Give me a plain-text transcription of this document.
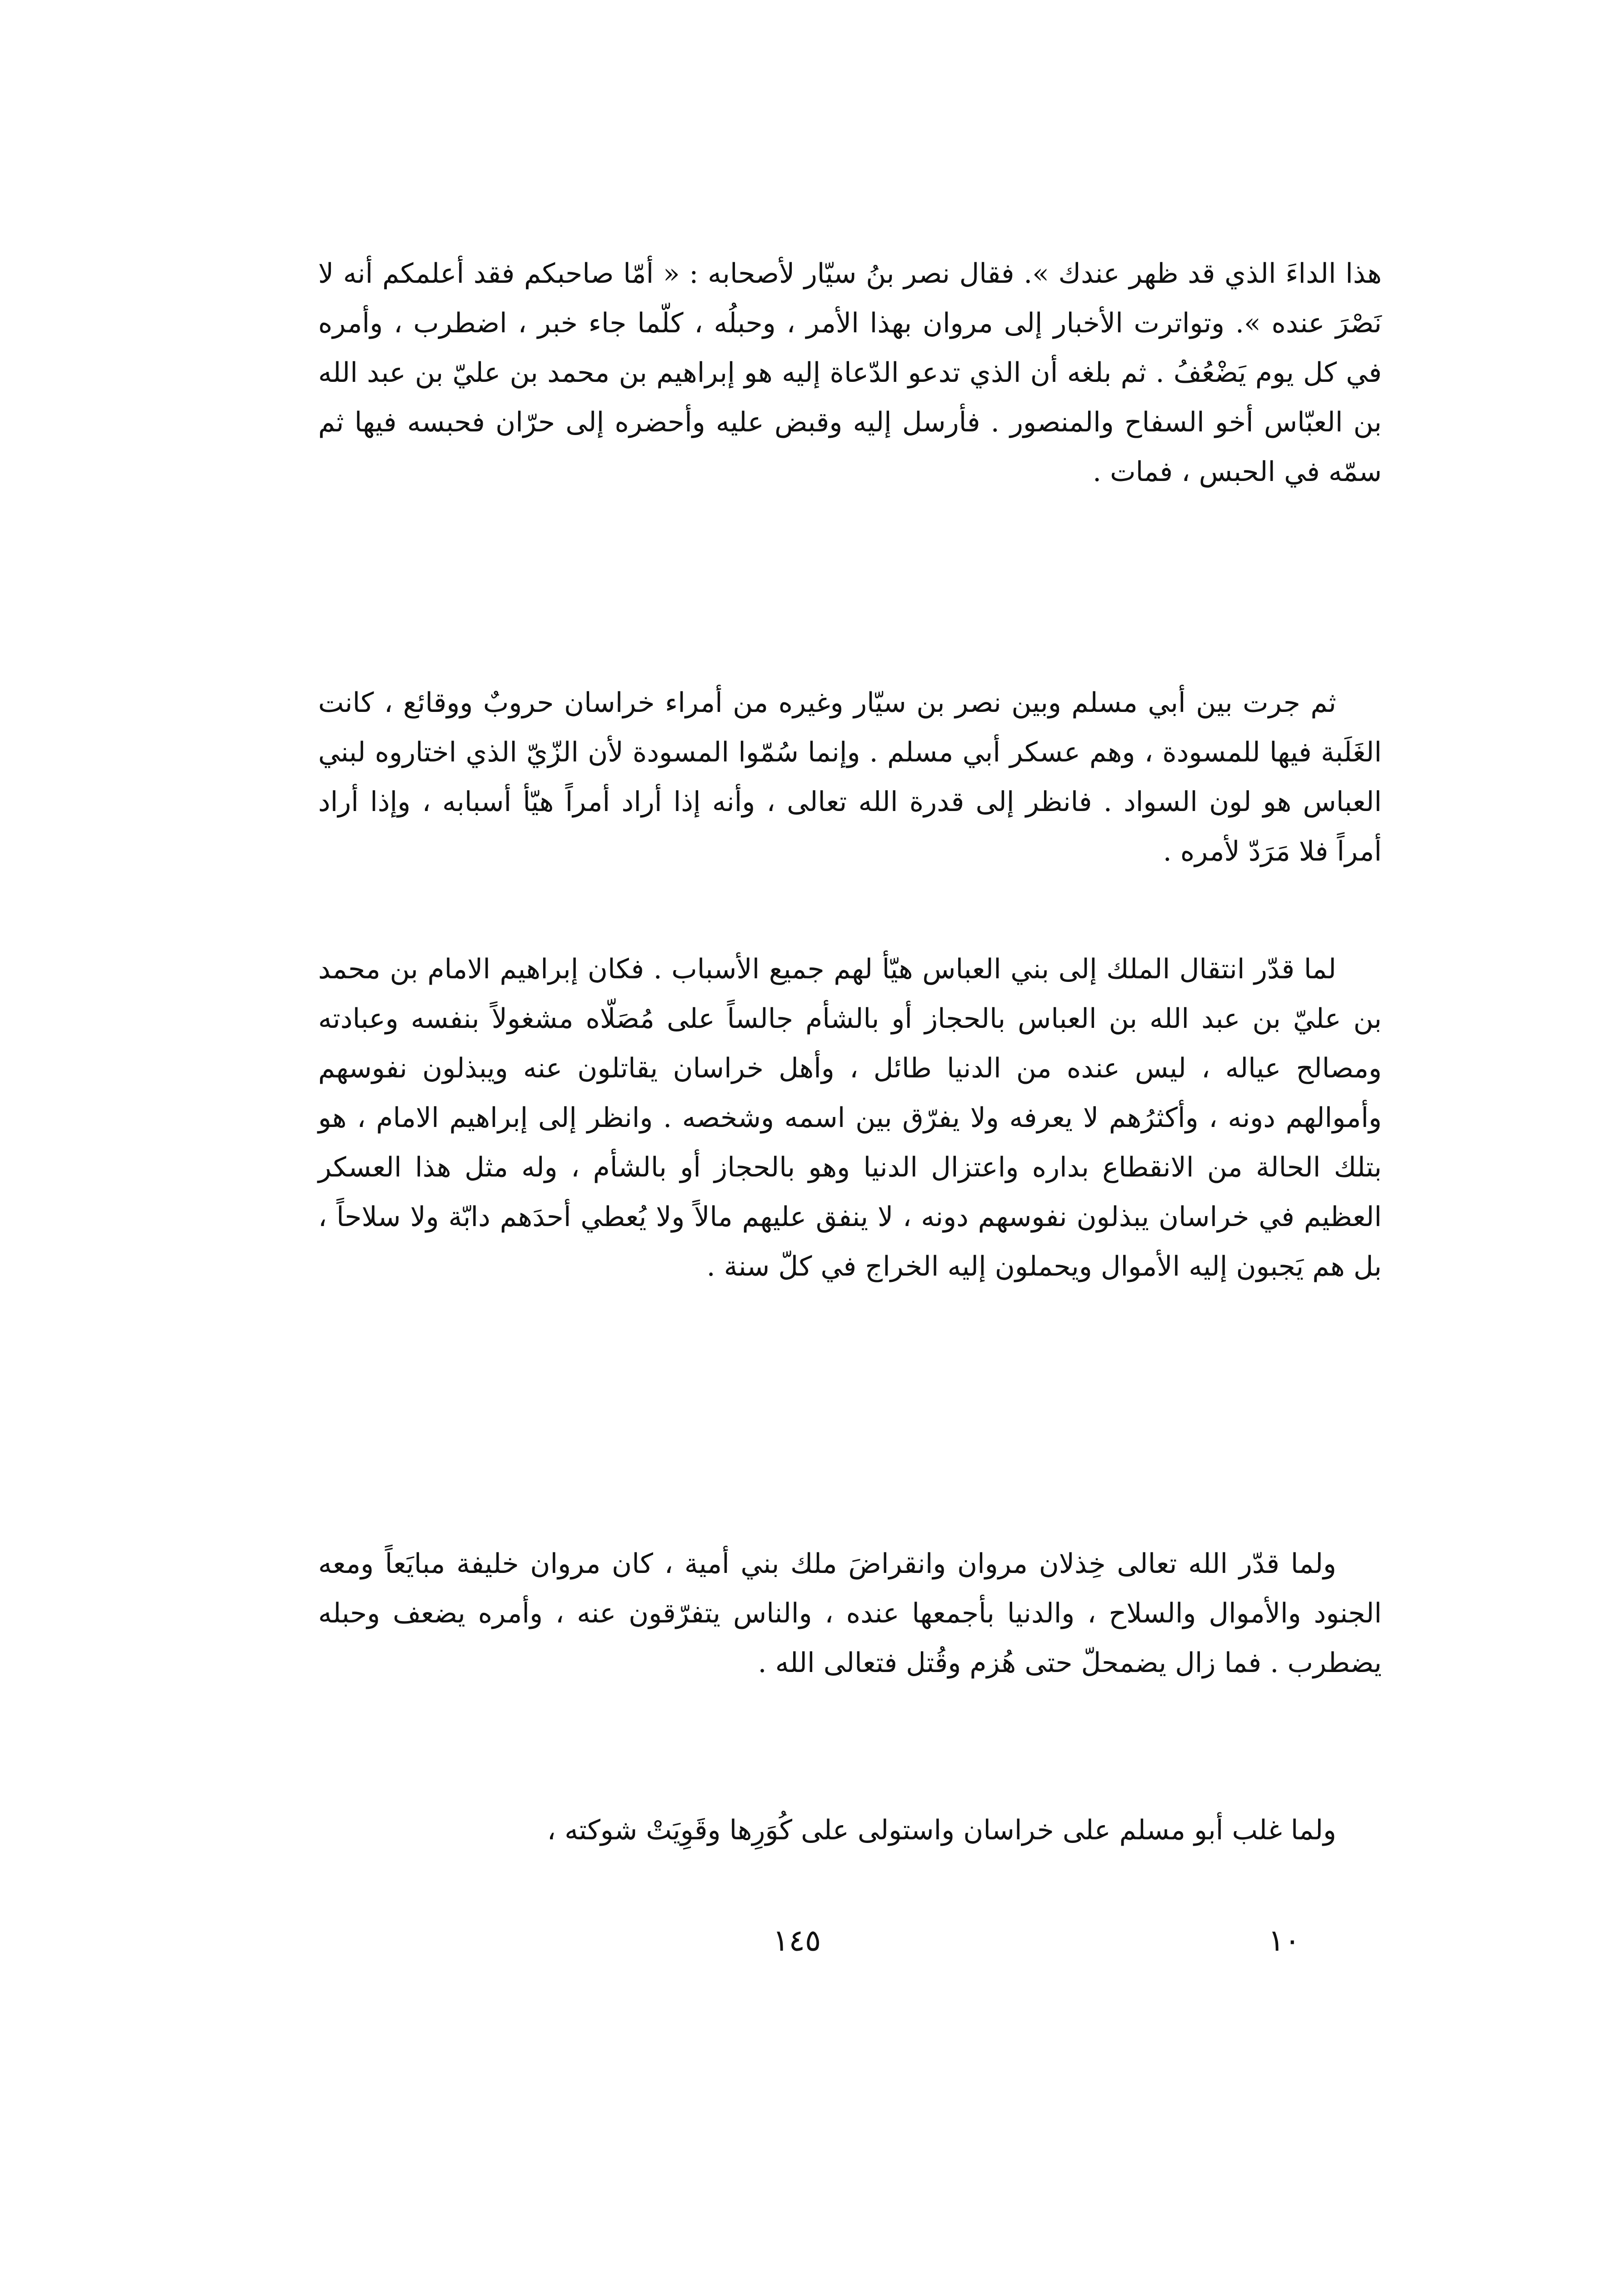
هذا الداءَ الذي قد ظهر عندك ». فقال نصر بنُ سيّار لأصحابه : « أمّا صاحبكم فقد أعلمكم أنه لا نَصْرَ عنده ». وتواترت الأخبار إلى مروان بهذا الأمر ، وحبلُه ، كلّما جاء خبر ، اضطرب ، وأمره في كل يوم يَضْعُفُ . ثم بلغه أن الذي تدعو الدّعاة إليه هو إبراهيم بن محمد بن عليّ بن عبد الله بن العبّاس أخو السفاح والمنصور . فأرسل إليه وقبض عليه وأحضره إلى حرّان فحبسه فيها ثم سمّه في الحبس ، فمات .

ثم جرت بين أبي مسلم وبين نصر بن سيّار وغيره من أمراء خراسان حروبٌ ووقائع ، كانت الغَلَبة فيها للمسودة ، وهم عسكر أبي مسلم . وإنما سُمّوا المسودة لأن الزّيّ الذي اختاروه لبني العباس هو لون السواد . فانظر إلى قدرة الله تعالى ، وأنه إذا أراد أمراً هيّأ أسبابه ، وإذا أراد أمراً فلا مَرَدّ لأمره .

لما قدّر انتقال الملك إلى بني العباس هيّأ لهم جميع الأسباب . فكان إبراهيم الامام بن محمد بن عليّ بن عبد الله بن العباس بالحجاز أو بالشأم جالساً على مُصَلّاه مشغولاً بنفسه وعبادته ومصالح عياله ، ليس عنده من الدنيا طائل ، وأهل خراسان يقاتلون عنه ويبذلون نفوسهم وأموالهم دونه ، وأكثرُهم لا يعرفه ولا يفرّق بين اسمه وشخصه . وانظر إلى إبراهيم الامام ، هو بتلك الحالة من الانقطاع بداره واعتزال الدنيا وهو بالحجاز أو بالشأم ، وله مثل هذا العسكر العظيم في خراسان يبذلون نفوسهم دونه ، لا ينفق عليهم مالاً ولا يُعطي أحدَهم دابّة ولا سلاحاً ، بل هم يَجبون إليه الأموال ويحملون إليه الخراج في كلّ سنة .

ولما قدّر الله تعالى خِذلان مروان وانقراضَ ملك بني أمية ، كان مروان خليفة مبايَعاً ومعه الجنود والأموال والسلاح ، والدنيا بأجمعها عنده ، والناس يتفرّقون عنه ، وأمره يضعف وحبله يضطرب . فما زال يضمحلّ حتى هُزم وقُتل فتعالى الله .

ولما غلب أبو مسلم على خراسان واستولى على كُوَرِها وقَوِيَتْ شوكته ،

١٤٥	١٠
